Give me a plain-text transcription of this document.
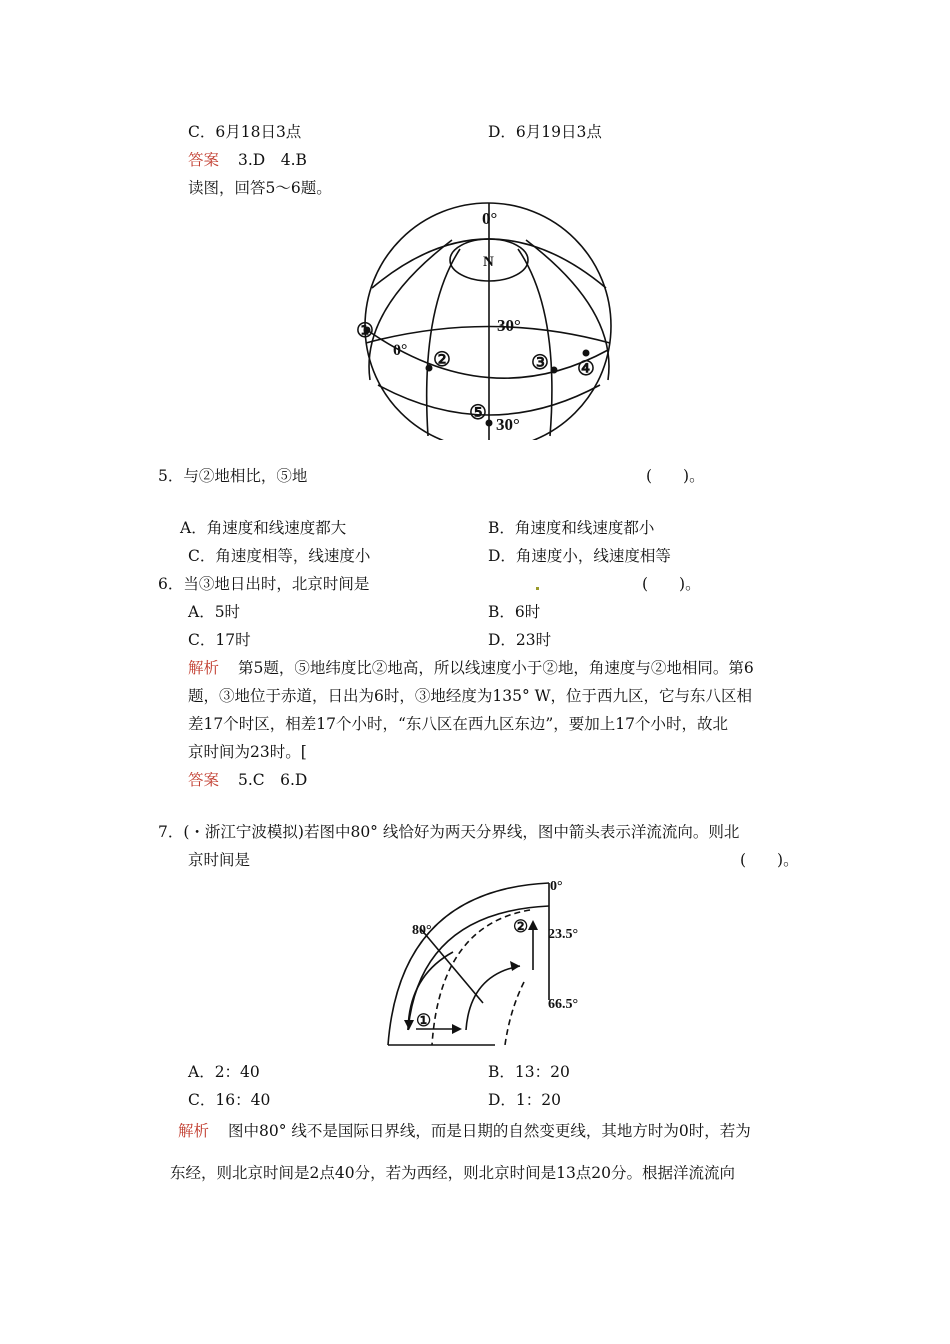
C．6月18日3点	D．6月19日3点
答案 3.D　4.B
读图，回答5～6题。
0°
N
30°
0°
30°
①
②	③ ④
⑤
5．与②地相比，⑤地	(　　)。
A．角速度和线速度都大	B．角速度和线速度都小
C．角速度相等，线速度小	D．角速度小，线速度相等
6．当③地日出时，北京时间是	(　　)。
A．5时	B．6时
C．17时	D．23时
解析 第5题，⑤地纬度比②地高，所以线速度小于②地，角速度与②地相同。第6
题，③地位于赤道，日出为6时，③地经度为135° W，位于西九区，它与东八区相
差17个时区，相差17个小时，“东八区在西九区东边”，要加上17个小时，故北
京时间为23时。[
答案 5.C　6.D
7．(・浙江宁波模拟)若图中80° 线恰好为两天分界线，图中箭头表示洋流流向。则北
京时间是	(　　)。
0°
80°	23.5°
66.5°
①
②
A．2：40	B．13：20
C．16：40	D．1：20
解析 图中80° 线不是国际日界线，而是日期的自然变更线，其地方时为0时，若为
东经，则北京时间是2点40分，若为西经，则北京时间是13点20分。根据洋流流向
